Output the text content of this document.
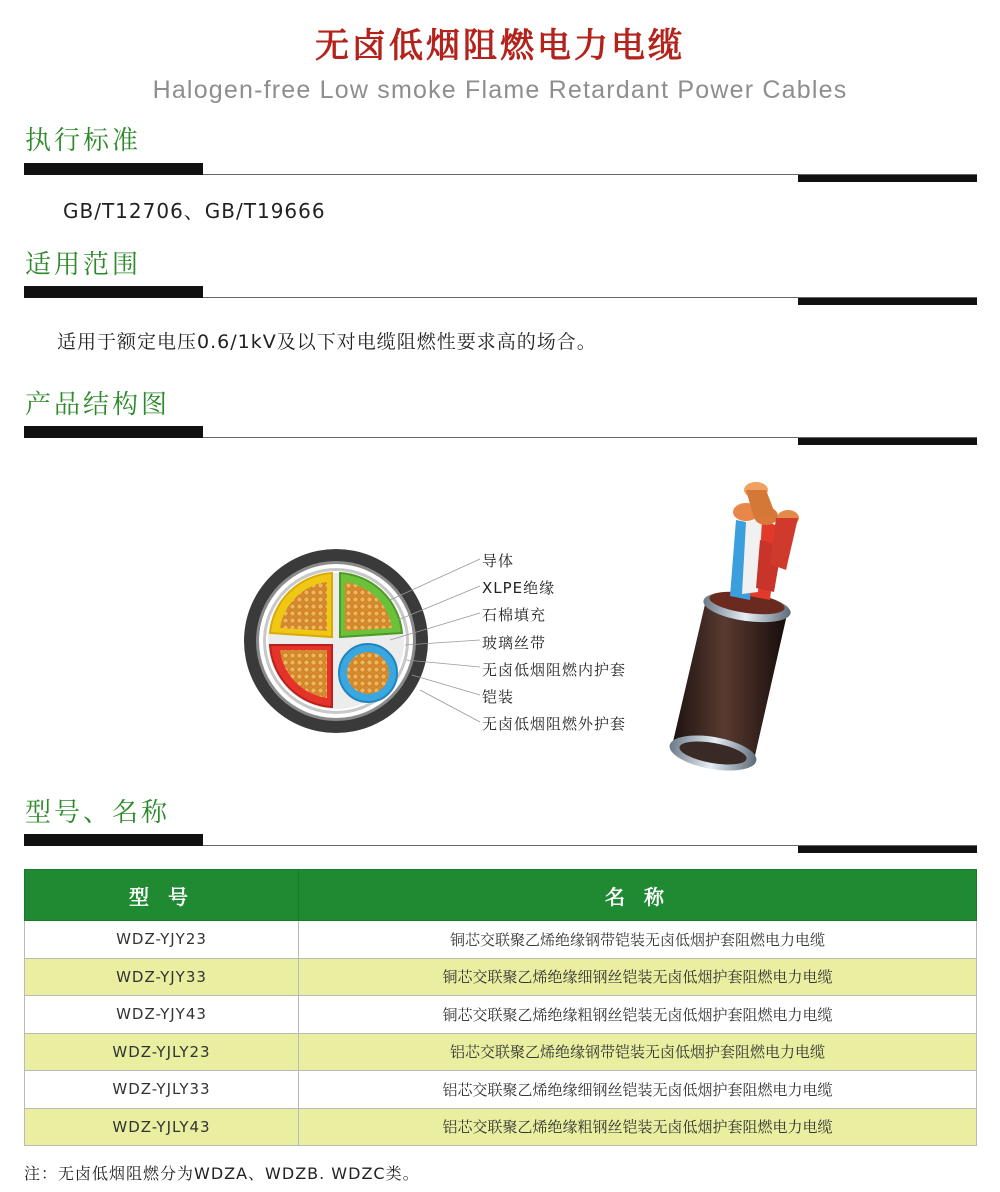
无卤低烟阻燃电力电缆
Halogen-free Low smoke Flame Retardant Power Cables
执行标准
GB/T12706、GB/T19666
适用范围
适用于额定电压0.6/1kV及以下对电缆阻燃性要求高的场合。
产品结构图
导体
XLPE绝缘
石棉填充
玻璃丝带
无卤低烟阻燃内护套
铠装
无卤低烟阻燃外护套
型号、名称
型 号	名 称
WDZ-YJY23	铜芯交联聚乙烯绝缘钢带铠装无卤低烟护套阻燃电力电缆
WDZ-YJY33	铜芯交联聚乙烯绝缘细钢丝铠装无卤低烟护套阻燃电力电缆
WDZ-YJY43	铜芯交联聚乙烯绝缘粗钢丝铠装无卤低烟护套阻燃电力电缆
WDZ-YJLY23	铝芯交联聚乙烯绝缘钢带铠装无卤低烟护套阻燃电力电缆
WDZ-YJLY33	铝芯交联聚乙烯绝缘细钢丝铠装无卤低烟护套阻燃电力电缆
WDZ-YJLY43	铝芯交联聚乙烯绝缘粗钢丝铠装无卤低烟护套阻燃电力电缆
注：无卤低烟阻燃分为WDZA、WDZB. WDZC类。
